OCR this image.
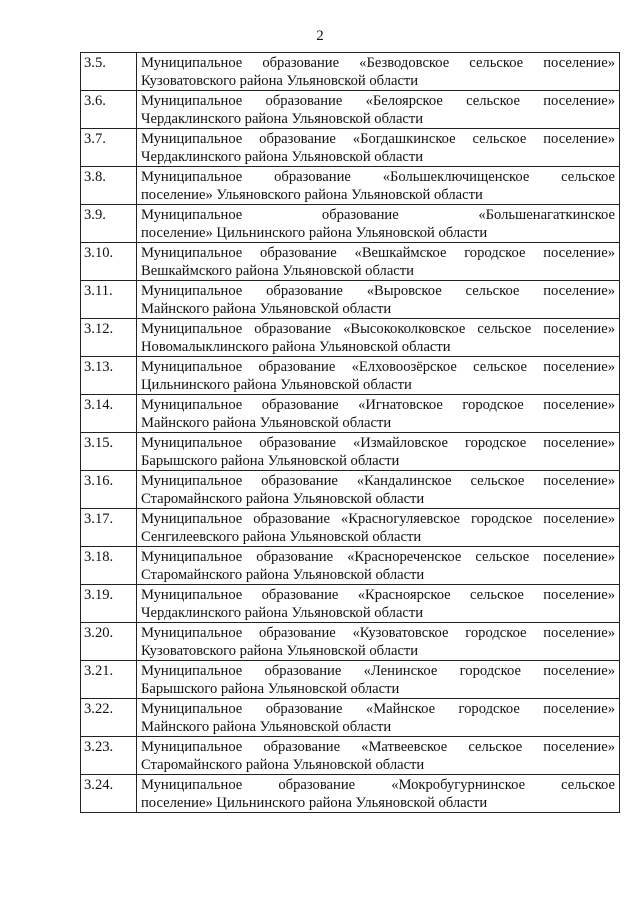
2
3.5.	Муниципальное образование «Безводовское сельское поселение»
Кузоватовского района Ульяновской области

3.6.	Муниципальное образование «Белоярское сельское поселение»
Чердаклинского района Ульяновской области

3.7.	Муниципальное образование «Богдашкинское сельское поселение»
Чердаклинского района Ульяновской области

3.8.	Муниципальное образование «Большеключищенское сельское
поселение» Ульяновского района Ульяновской области

3.9.	Муниципальное образование «Большенагаткинское
поселение» Цильнинского района Ульяновской области

3.10.	Муниципальное образование «Вешкаймское городское поселение»
Вешкаймского района Ульяновской области

3.11.	Муниципальное образование «Выровское сельское поселение»
Майнского района Ульяновской области

3.12.	Муниципальное образование «Высококолковское сельское поселение»
Новомалыклинского района Ульяновской области

3.13.	Муниципальное образование «Елховоозёрское сельское поселение»
Цильнинского района Ульяновской области

3.14.	Муниципальное образование «Игнатовское городское поселение»
Майнского района Ульяновской области

3.15.	Муниципальное образование «Измайловское городское поселение»
Барышского района Ульяновской области

3.16.	Муниципальное образование «Кандалинское сельское поселение»
Старомайнского района Ульяновской области

3.17.	Муниципальное образование «Красногуляевское городское поселение»
Сенгилеевского района Ульяновской области

3.18.	Муниципальное образование «Краснореченское сельское поселение»
Старомайнского района Ульяновской области

3.19.	Муниципальное образование «Красноярское сельское поселение»
Чердаклинского района Ульяновской области

3.20.	Муниципальное образование «Кузоватовское городское поселение»
Кузоватовского района Ульяновской области

3.21.	Муниципальное образование «Ленинское городское поселение»
Барышского района Ульяновской области

3.22.	Муниципальное образование «Майнское городское поселение»
Майнского района Ульяновской области

3.23.	Муниципальное образование «Матвеевское сельское поселение»
Старомайнского района Ульяновской области

3.24.	Муниципальное образование «Мокробугурнинское сельское
поселение» Цильнинского района Ульяновской области
